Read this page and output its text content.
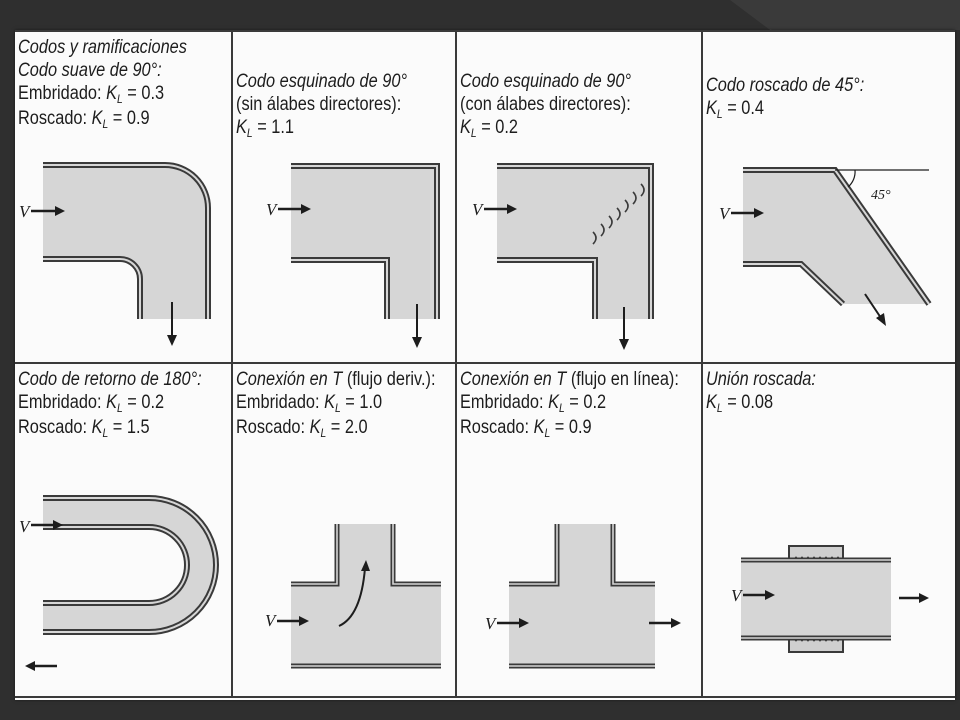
Codos y ramificaciones
Codo suave de 90°:
Embridado: $K_L = 0.3$
Roscado: $K_L = 0.9$
V
Codo esquinado de 90°
(sin álabes directores):
$K_L = 1.1$
V
Codo esquinado de 90°
(con álabes directores):
$K_L = 0.2$
V
Codo roscado de 45°:
$K_L = 0.4$
45°
V
Codo de retorno de 180°:
Embridado: $K_L = 0.2$
Roscado: $K_L = 1.5$
V
Conexión en T (flujo deriv.):
Embridado: $K_L = 1.0$
Roscado: $K_L = 2.0$
V
Conexión en T (flujo en línea):
Embridado: $K_L = 0.2$
Roscado: $K_L = 0.9$
V
Unión roscada:
$K_L = 0.08$
V
